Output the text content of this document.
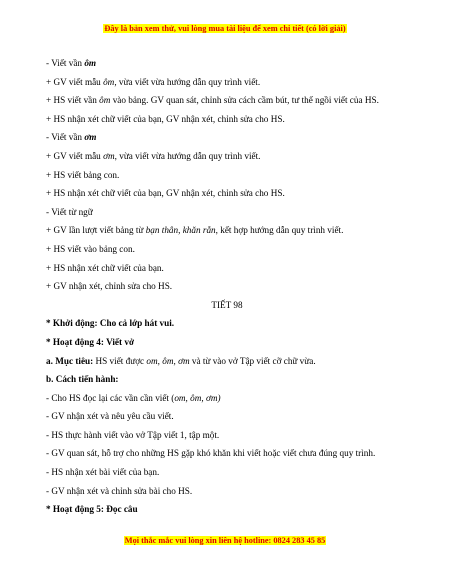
Đây là bản xem thử, vui lòng mua tài liệu để xem chi tiết (có lời giải)
- Viết vần ôm
+ GV viết mẫu ôm, vừa viết vừa hướng dẫn quy trình viết.
+ HS viết vần ôm vào bảng. GV quan sát, chỉnh sửa cách cầm bút, tư thế ngồi viết của HS.
+ HS nhận xét chữ viết của bạn, GV nhận xét, chỉnh sửa cho HS.
- Viết vần ơm
+ GV viết mẫu ơm, vừa viết vừa hướng dẫn quy trình viết.
+ HS viết bảng con.
+ HS nhận xét chữ viết của bạn, GV nhận xét, chỉnh sửa cho HS.
- Viết từ ngữ
+ GV lần lượt viết bảng từ bạn thân, khăn rằn, kết hợp hướng dẫn quy trình viết.
+ HS viết vào bảng con.
+ HS nhận xét chữ viết của bạn.
+ GV nhận xét, chỉnh sửa cho HS.
TIẾT 98
* Khởi động: Cho cả lớp hát vui.
* Hoạt động 4: Viết vở
a. Mục tiêu: HS viết được om, ôm, ơm và từ vào vở Tập viết cỡ chữ vừa.
b. Cách tiến hành:
- Cho HS đọc lại các vần cần viết (om, ôm, ơm)
- GV nhận xét và nêu yêu cầu viết.
- HS thực hành viết vào vở Tập viết 1, tập một.
- GV quan sát, hỗ trợ cho những HS gặp khó khăn khi viết hoặc viết chưa đúng quy trình.
- HS nhận xét bài viết của bạn.
- GV nhận xét và chỉnh sửa bài cho HS.
* Hoạt động 5: Đọc câu
Mọi thắc mắc vui lòng xin liên hệ hotline: 0824 283 45 85
